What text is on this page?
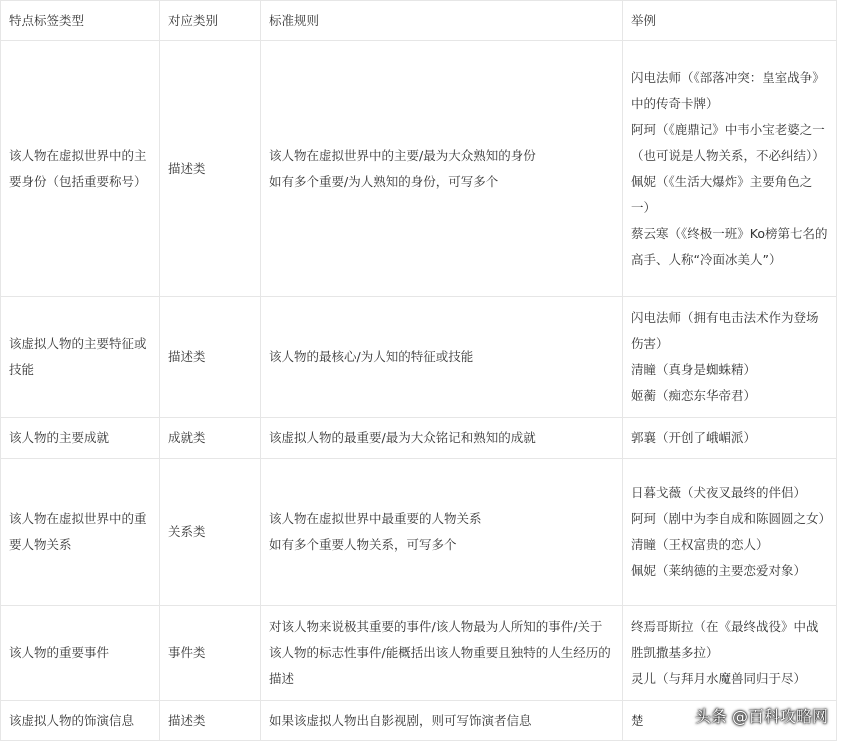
特点标签类型	对应类别	标准规则	举例
该人物在虚拟世界中的主要身份（包括重要称号）	描述类	该人物在虚拟世界中的主要/最为大众熟知的身份
如有多个重要/为人熟知的身份，可写多个	闪电法师（《部落冲突：皇室战争》中的传奇卡牌）
阿珂（《鹿鼎记》中韦小宝老婆之一（也可说是人物关系，不必纠结））
佩妮（《生活大爆炸》主要角色之一）
蔡云寒（《终极一班》Ko榜第七名的高手、人称“冷面冰美人”）

该虚拟人物的主要特征或技能	描述类	该人物的最核心/为人知的特征或技能	闪电法师（拥有电击法术作为登场伤害）
清瞳（真身是蜘蛛精）
姬蘅（痴恋东华帝君）

该人物的主要成就	成就类	该虚拟人物的最重要/最为大众铭记和熟知的成就	郭襄（开创了峨嵋派）

该人物在虚拟世界中的重要人物关系	关系类	该人物在虚拟世界中最重要的人物关系
如有多个重要人物关系，可写多个	日暮戈薇（犬夜叉最终的伴侣）
阿珂（剧中为李自成和陈圆圆之女）
清瞳（王权富贵的恋人）
佩妮（莱纳德的主要恋爱对象）

该人物的重要事件	事件类	对该人物来说极其重要的事件/该人物最为人所知的事件/关于该人物的标志性事件/能概括出该人物重要且独特的人生经历的描述	终焉哥斯拉（在《最终战役》中战胜凯撒基多拉）
灵儿（与拜月水魔兽同归于尽）

该虚拟人物的饰演信息	描述类	如果该虚拟人物出自影视剧，则可写饰演者信息	楚	头条 @百科攻略网
